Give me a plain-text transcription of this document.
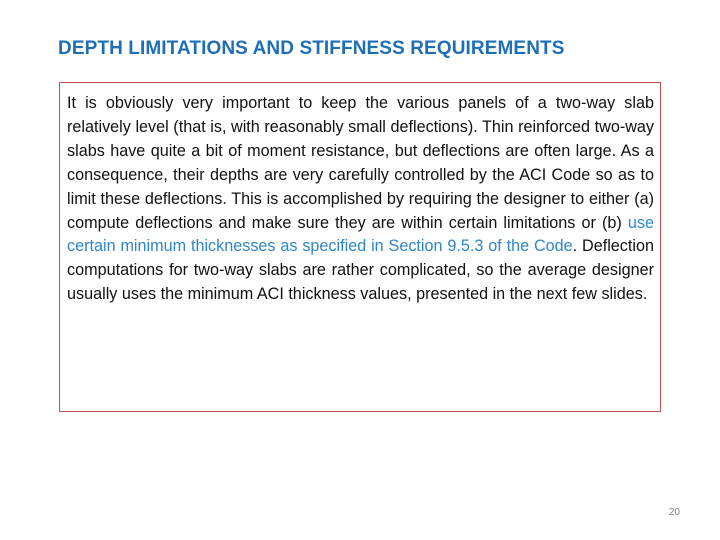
DEPTH LIMITATIONS AND STIFFNESS REQUIREMENTS

It is obviously very important to keep the various panels of a two-way slab relatively level (that is, with reasonably small deflections). Thin reinforced two-way slabs have quite a bit of moment resistance, but deflections are often large. As a consequence, their depths are very carefully controlled by the ACI Code so as to limit these deflections. This is accomplished by requiring the designer to either (a) compute deflections and make sure they are within certain limitations or (b) use certain minimum thicknesses as specified in Section 9.5.3 of the Code. Deflection computations for two-way slabs are rather complicated, so the average designer usually uses the minimum ACI thickness values, presented in the next few slides.

20
